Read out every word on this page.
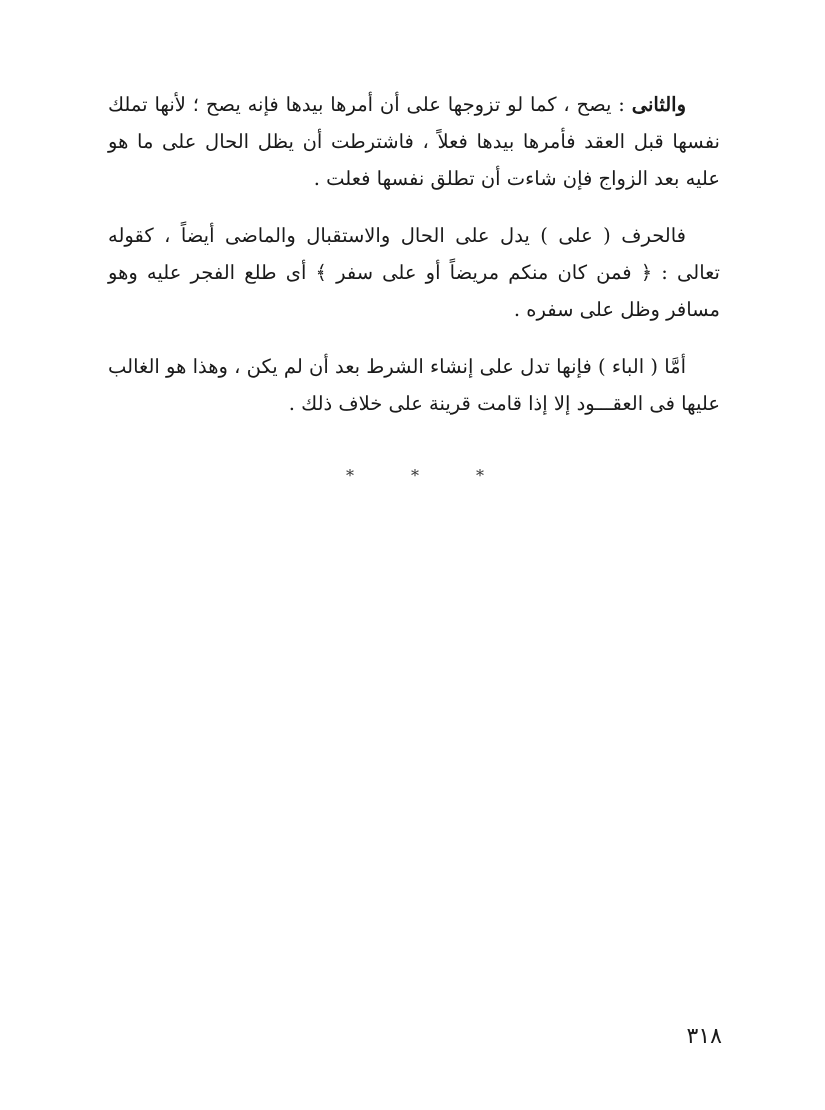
والثانى : يصح ، كما لو تزوجها على أن أمرها بيدها فإنه يصح ؛ لأنها تملك نفسها قبل العقد فأمرها بيدها فعلاً ، فاشترطت أن يظل الحال على ما هو عليه بعد الزواج فإن شاءت أن تطلق نفسها فعلت .

فالحرف ( على ) يدل على الحال والاستقبال والماضى أيضاً ، كقوله تعالى : ﴿ فمن كان منكم مريضاً أو على سفر ﴾ أى طلع الفجر عليه وهو مسافر وظل على سفره .

أمَّا ( الباء ) فإنها تدل على إنشاء الشرط بعد أن لم يكن ، وهذا هو الغالب عليها فى العقـــود إلا إذا قامت قرينة على خلاف ذلك .

*	*	*
٣١٨
